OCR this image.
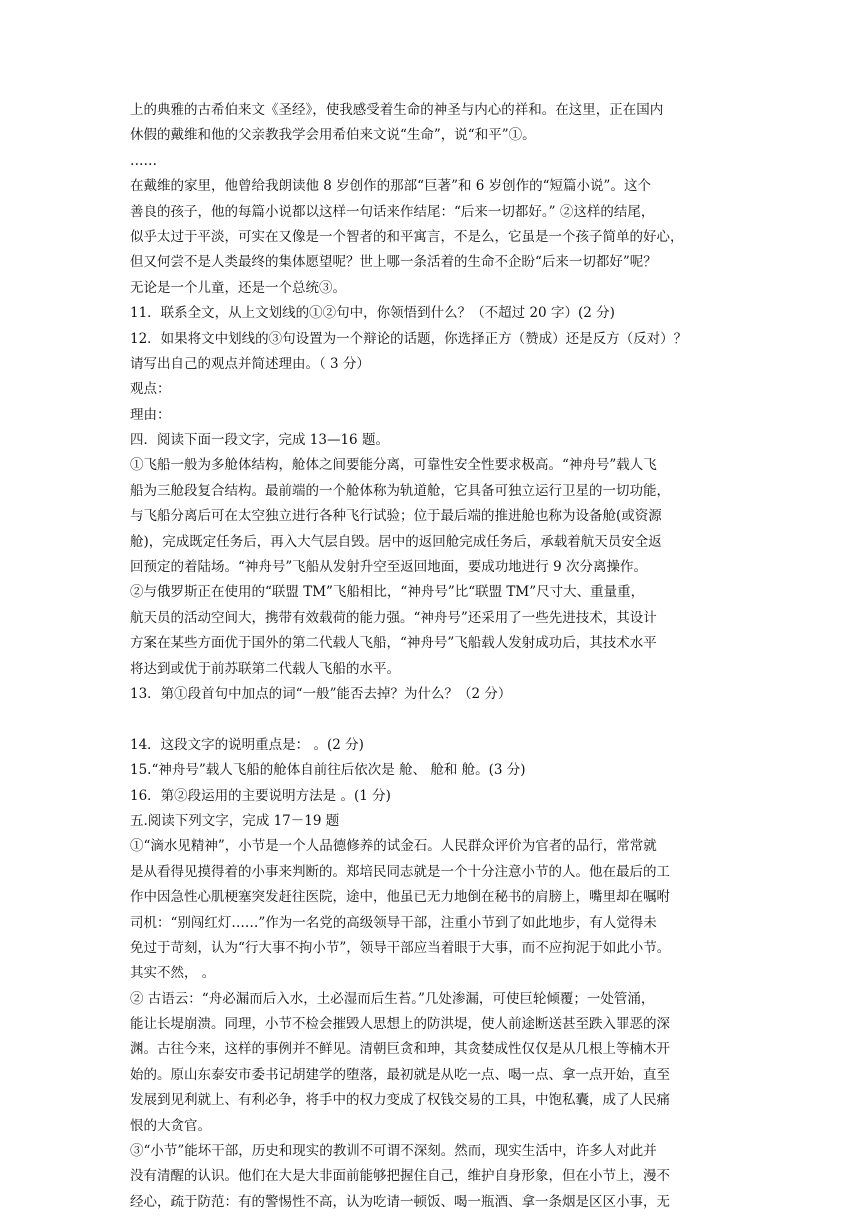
上的典雅的古希伯来文《圣经》，使我感受着生命的神圣与内心的祥和。在这里，正在国内
休假的戴维和他的父亲教我学会用希伯来文说“生命”，说“和平”①。
……
在戴维的家里，他曾给我朗读他 8 岁创作的那部“巨著”和 6 岁创作的“短篇小说”。这个
善良的孩子，他的每篇小说都以这样一句话来作结尾：“后来一切都好。” ②这样的结尾，
似乎太过于平淡，可实在又像是一个智者的和平寓言，不是么，它虽是一个孩子简单的好心，
但又何尝不是人类最终的集体愿望呢？世上哪一条活着的生命不企盼“后来一切都好”呢？
无论是一个儿童，还是一个总统③。
11．联系全文，从上文划线的①②句中，你领悟到什么？（不超过 20 字）(2 分)
12．如果将文中划线的③句设置为一个辩论的话题，你选择正方（赞成）还是反方（反对）？
请写出自己的观点并简述理由。（ 3 分）
观点：
理由：
四．阅读下面一段文字，完成 13—16 题。
①飞船一般为多舱体结构，舱体之间要能分离，可靠性安全性要求极高。“神舟号”载人飞
船为三舱段复合结构。最前端的一个舱体称为轨道舱，它具备可独立运行卫星的一切功能，
与飞船分离后可在太空独立进行各种飞行试验；位于最后端的推进舱也称为设备舱(或资源
舱)，完成既定任务后，再入大气层自毁。居中的返回舱完成任务后，承载着航天员安全返
回预定的着陆场。“神舟号”飞船从发射升空至返回地面，要成功地进行 9 次分离操作。
②与俄罗斯正在使用的“联盟 TM”飞船相比，“神舟号”比“联盟 TM”尺寸大、重量重，
航天员的活动空间大，携带有效载荷的能力强。“神舟号”还采用了一些先进技术，其设计
方案在某些方面优于国外的第二代载人飞船，“神舟号”飞船载人发射成功后，其技术水平
将达到或优于前苏联第二代载人飞船的水平。
13．第①段首句中加点的词“一般”能否去掉？为什么？（2 分）
14．这段文字的说明重点是： 。(2 分)
15.“神舟号”载人飞船的舱体自前往后依次是 舱、 舱和 舱。(3 分)
16．第②段运用的主要说明方法是 。(1 分)
五.阅读下列文字，完成 17－19 题
①“滴水见精神”，小节是一个人品德修养的试金石。人民群众评价为官者的品行，常常就
是从看得见摸得着的小事来判断的。郑培民同志就是一个十分注意小节的人。他在最后的工
作中因急性心肌梗塞突发赶往医院，途中，他虽已无力地倒在秘书的肩膀上，嘴里却在嘱咐
司机：“别闯红灯……”作为一名党的高级领导干部，注重小节到了如此地步，有人觉得未
免过于苛刻，认为“行大事不拘小节”，领导干部应当着眼于大事，而不应拘泥于如此小节。
其实不然， 。
② 古语云：“舟必漏而后入水，土必湿而后生苔。”几处渗漏，可使巨轮倾覆；一处管涌，
能让长堤崩溃。同理，小节不检会摧毁人思想上的防洪堤，使人前途断送甚至跌入罪恶的深
渊。古往今来，这样的事例并不鲜见。清朝巨贪和珅，其贪婪成性仅仅是从几根上等楠木开
始的。原山东泰安市委书记胡建学的堕落，最初就是从吃一点、喝一点、拿一点开始，直至
发展到见利就上、有利必争，将手中的权力变成了权钱交易的工具，中饱私囊，成了人民痛
恨的大贪官。
③“小节”能坏干部，历史和现实的教训不可谓不深刻。然而，现实生活中，许多人对此并
没有清醒的认识。他们在大是大非面前能够把握住自己，维护自身形象，但在小节上，漫不
经心，疏于防范：有的警惕性不高，认为吃请一顿饭、喝一瓶酒、拿一条烟是区区小事，无
